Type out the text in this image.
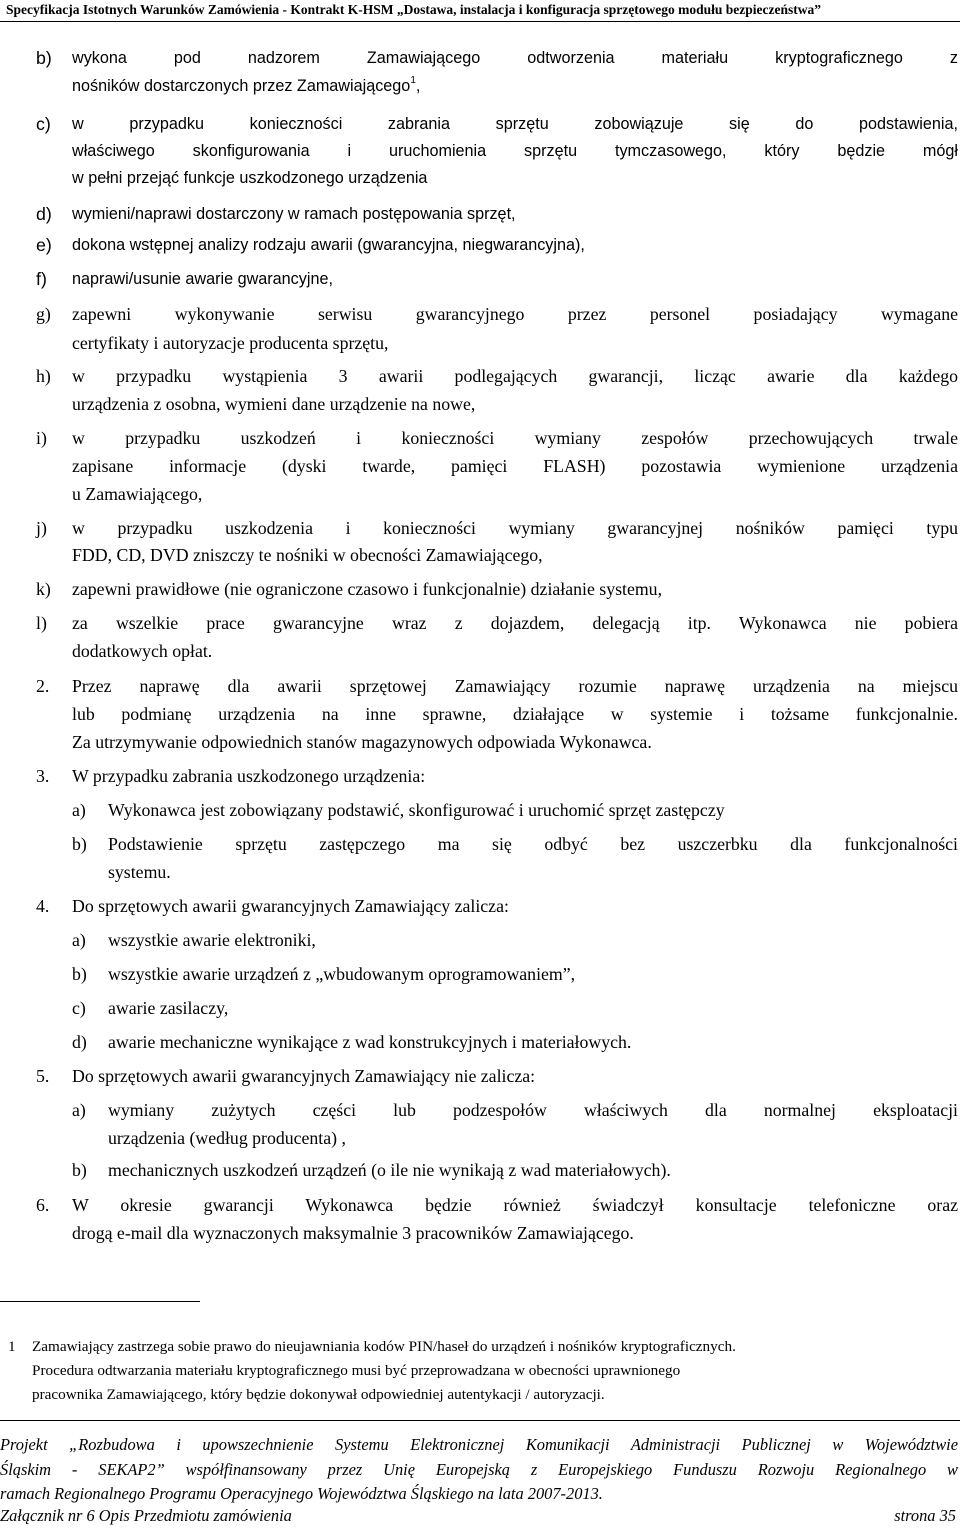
Specyfikacja Istotnych Warunków Zamówienia - Kontrakt K-HSM „Dostawa, instalacja i konfiguracja sprzętowego modułu bezpieczeństwa”
b) wykona pod nadzorem Zamawiającego odtworzenia materiału kryptograficznego z
nośników dostarczonych przez Zamawiającego$^1$,
c) w przypadku konieczności zabrania sprzętu zobowiązuje się do podstawienia,
właściwego skonfigurowania i uruchomienia sprzętu tymczasowego, który będzie mógł
w pełni przejąć funkcje uszkodzonego urządzenia
d) wymieni/naprawi dostarczony w ramach postępowania sprzęt,
e) dokona wstępnej analizy rodzaju awarii (gwarancyjna, niegwarancyjna),
f) naprawi/usunie awarie gwarancyjne,
g) zapewni wykonywanie serwisu gwarancyjnego przez personel posiadający wymagane
certyfikaty i autoryzacje producenta sprzętu,
h) w przypadku wystąpienia 3 awarii podlegających gwarancji, licząc awarie dla każdego
urządzenia z osobna, wymieni dane urządzenie na nowe,
i) w przypadku uszkodzeń i konieczności wymiany zespołów przechowujących trwale
zapisane informacje (dyski twarde, pamięci FLASH) pozostawia wymienione urządzenia
u Zamawiającego,
j) w przypadku uszkodzenia i konieczności wymiany gwarancyjnej nośników pamięci typu
FDD, CD, DVD zniszczy te nośniki w obecności Zamawiającego,
k) zapewni prawidłowe (nie ograniczone czasowo i funkcjonalnie) działanie systemu,
l) za wszelkie prace gwarancyjne wraz z dojazdem, delegacją itp. Wykonawca nie pobiera
dodatkowych opłat.
2. Przez naprawę dla awarii sprzętowej Zamawiający rozumie naprawę urządzenia na miejscu
lub podmianę urządzenia na inne sprawne, działające w systemie i tożsame funkcjonalnie.
Za utrzymywanie odpowiednich stanów magazynowych odpowiada Wykonawca.
3. W przypadku zabrania uszkodzonego urządzenia:
a) Wykonawca jest zobowiązany podstawić, skonfigurować i uruchomić sprzęt zastępczy
b) Podstawienie sprzętu zastępczego ma się odbyć bez uszczerbku dla funkcjonalności
systemu.
4. Do sprzętowych awarii gwarancyjnych Zamawiający zalicza:
a) wszystkie awarie elektroniki,
b) wszystkie awarie urządzeń z „wbudowanym oprogramowaniem”,
c) awarie zasilaczy,
d) awarie mechaniczne wynikające z wad konstrukcyjnych i materiałowych.
5. Do sprzętowych awarii gwarancyjnych Zamawiający nie zalicza:
a) wymiany zużytych części lub podzespołów właściwych dla normalnej eksploatacji
urządzenia (według producenta) ,
b) mechanicznych uszkodzeń urządzeń (o ile nie wynikają z wad materiałowych).
6. W okresie gwarancji Wykonawca będzie również świadczył konsultacje telefoniczne oraz
drogą e-mail dla wyznaczonych maksymalnie 3 pracowników Zamawiającego.
1 Zamawiający zastrzega sobie prawo do nieujawniania kodów PIN/haseł do urządzeń i nośników kryptograficznych.
Procedura odtwarzania materiału kryptograficznego musi być przeprowadzana w obecności uprawnionego
pracownika Zamawiającego, który będzie dokonywał odpowiedniej autentykacji / autoryzacji.
Projekt „Rozbudowa i upowszechnienie Systemu Elektronicznej Komunikacji Administracji Publicznej w Województwie
Śląskim - SEKAP2” współfinansowany przez Unię Europejską z Europejskiego Funduszu Rozwoju Regionalnego w
ramach Regionalnego Programu Operacyjnego Województwa Śląskiego na lata 2007-2013.
Załącznik nr 6 Opis Przedmiotu zamówienia	strona 35
